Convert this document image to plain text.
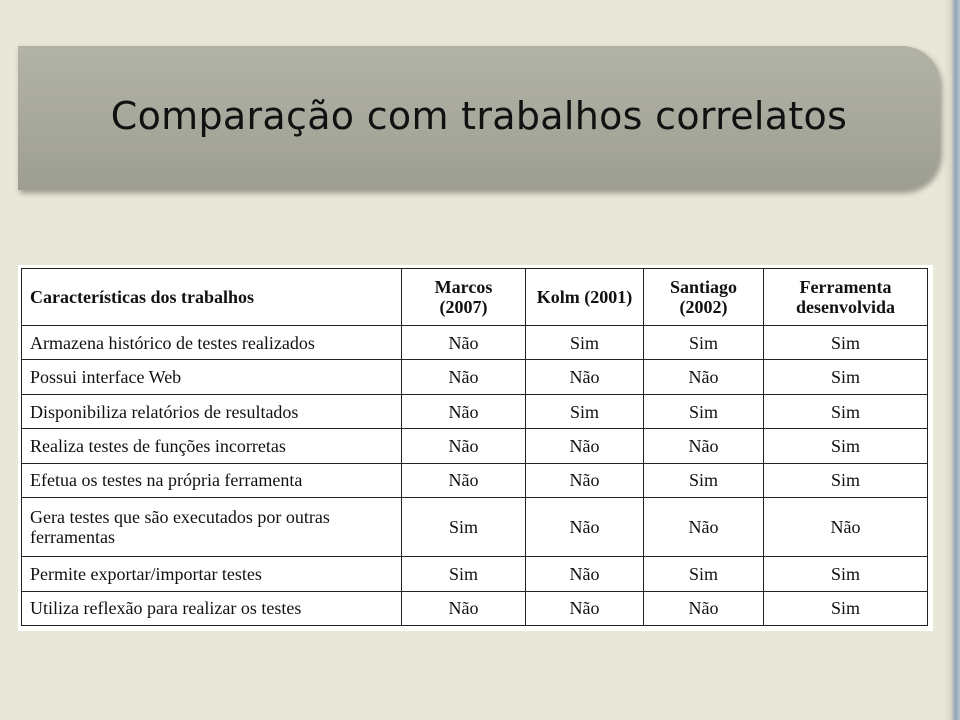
Comparação com trabalhos correlatos
Características dos trabalhos	Marcos (2007)	Kolm (2001)	Santiago (2002)	Ferramenta desenvolvida
Armazena histórico de testes realizados	Não	Sim	Sim	Sim
Possui interface Web	Não	Não	Não	Sim
Disponibiliza relatórios de resultados	Não	Sim	Sim	Sim
Realiza testes de funções incorretas	Não	Não	Não	Sim
Efetua os testes na própria ferramenta	Não	Não	Sim	Sim
Gera testes que são executados por outras ferramentas	Sim	Não	Não	Não
Permite exportar/importar testes	Sim	Não	Sim	Sim
Utiliza reflexão para realizar os testes	Não	Não	Não	Sim
